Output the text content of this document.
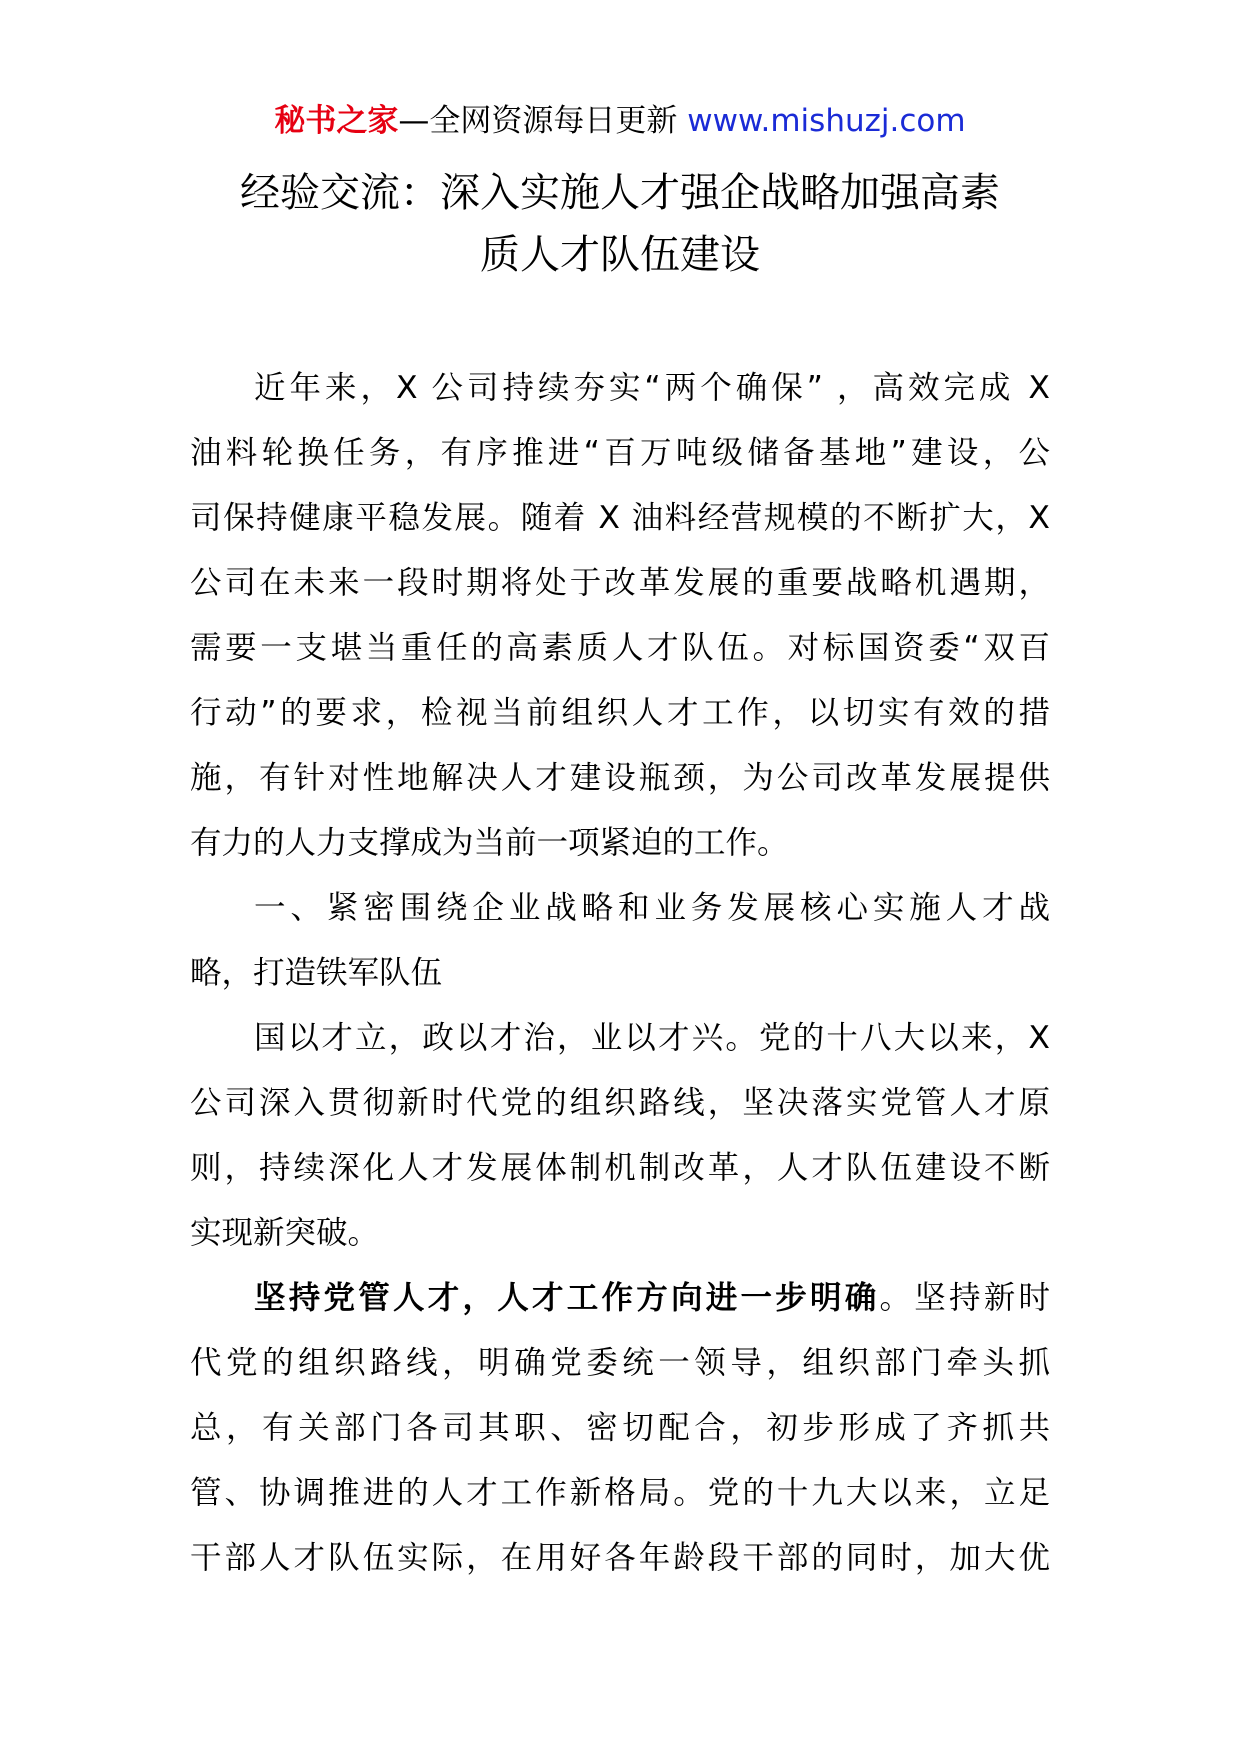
秘书之家—全网资源每日更新 www.mishuzj.com
经验交流：深入实施人才强企战略加强高素
质人才队伍建设
近年来，X 公司持续夯实“两个确保” ，高效完成 X
油料轮换任务，有序推进“百万吨级储备基地”建设，公
司保持健康平稳发展。随着 X 油料经营规模的不断扩大，X
公司在未来一段时期将处于改革发展的重要战略机遇期，
需要一支堪当重任的高素质人才队伍。对标国资委“双百
行动”的要求，检视当前组织人才工作，以切实有效的措
施，有针对性地解决人才建设瓶颈，为公司改革发展提供
有力的人力支撑成为当前一项紧迫的工作。
一、紧密围绕企业战略和业务发展核心实施人才战
略，打造铁军队伍
国以才立，政以才治，业以才兴。党的十八大以来，X
公司深入贯彻新时代党的组织路线，坚决落实党管人才原
则，持续深化人才发展体制机制改革，人才队伍建设不断
实现新突破。
坚持党管人才，人才工作方向进一步明确。坚持新时
代党的组织路线，明确党委统一领导，组织部门牵头抓
总，有关部门各司其职、密切配合，初步形成了齐抓共
管、协调推进的人才工作新格局。党的十九大以来，立足
干部人才队伍实际，在用好各年龄段干部的同时，加大优
